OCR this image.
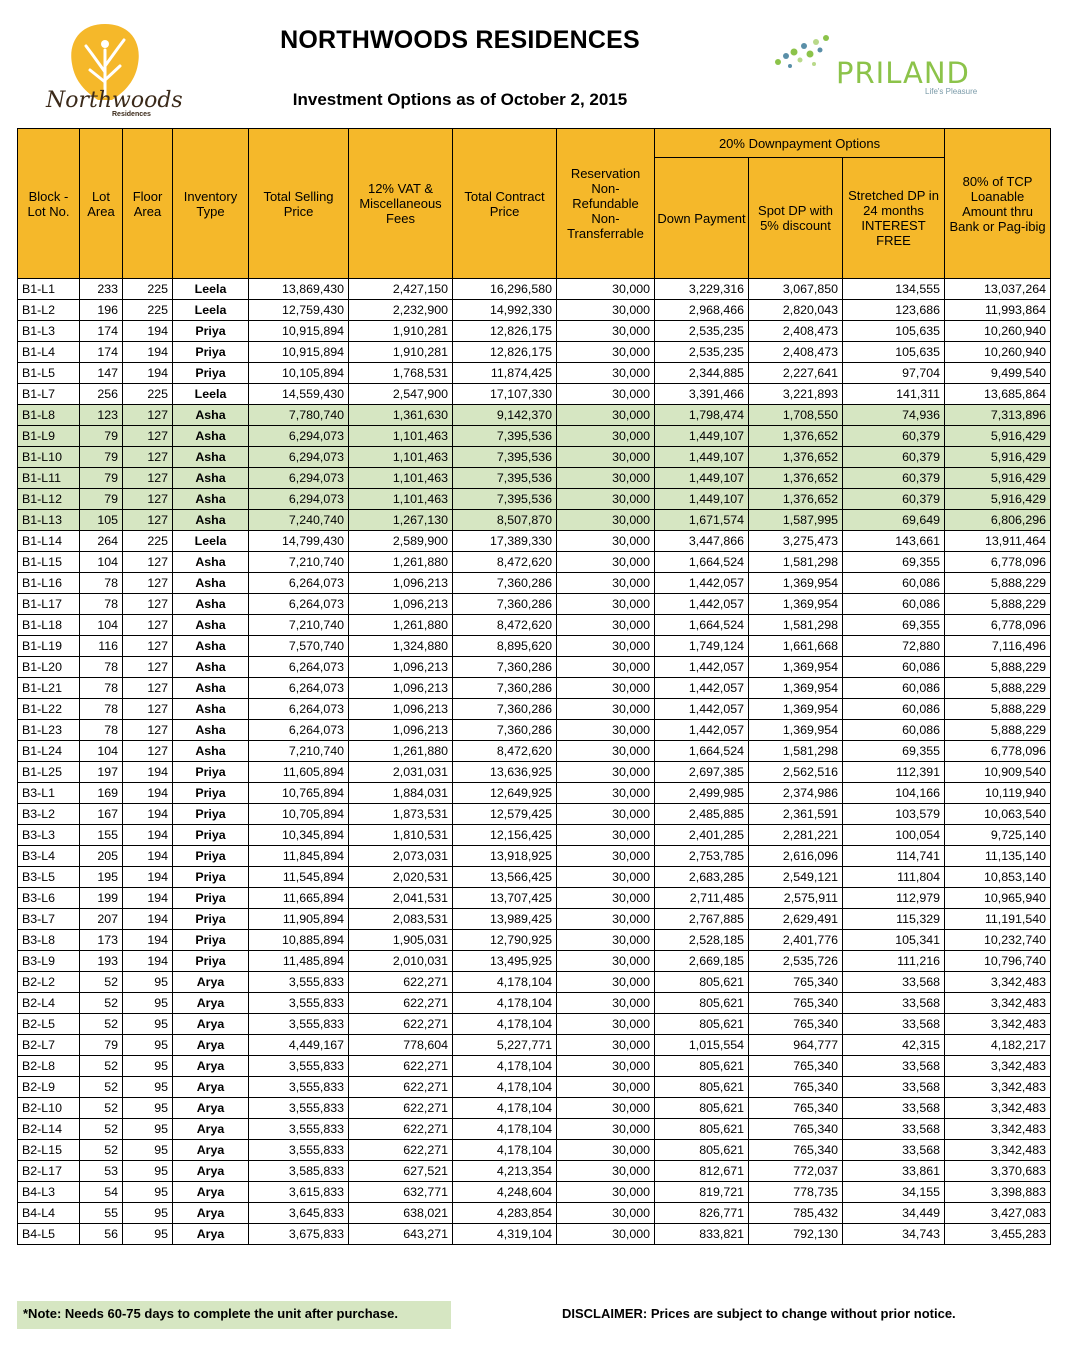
Northwoods
Residences
NORTHWOODS RESIDENCES
Investment Options as of October 2, 2015
PRILAND
Life's Pleasure
Block - Lot No.	Lot Area	Floor Area	Inventory Type	Total Selling Price	12% VAT & Miscellaneous Fees	Total Contract Price	Reservation Non-Refundable Non-Transferrable	20% Downpayment Options			80% of TCP Loanable Amount thru Bank or Pag-ibig
								Down Payment	Spot DP with 5% discount	Stretched DP in 24 months INTEREST FREE	
B1-L1	233	225	Leela	13,869,430	2,427,150	16,296,580	30,000	3,229,316	3,067,850	134,555	13,037,264
B1-L2	196	225	Leela	12,759,430	2,232,900	14,992,330	30,000	2,968,466	2,820,043	123,686	11,993,864
B1-L3	174	194	Priya	10,915,894	1,910,281	12,826,175	30,000	2,535,235	2,408,473	105,635	10,260,940
B1-L4	174	194	Priya	10,915,894	1,910,281	12,826,175	30,000	2,535,235	2,408,473	105,635	10,260,940
B1-L5	147	194	Priya	10,105,894	1,768,531	11,874,425	30,000	2,344,885	2,227,641	97,704	9,499,540
B1-L7	256	225	Leela	14,559,430	2,547,900	17,107,330	30,000	3,391,466	3,221,893	141,311	13,685,864
B1-L8	123	127	Asha	7,780,740	1,361,630	9,142,370	30,000	1,798,474	1,708,550	74,936	7,313,896
B1-L9	79	127	Asha	6,294,073	1,101,463	7,395,536	30,000	1,449,107	1,376,652	60,379	5,916,429
B1-L10	79	127	Asha	6,294,073	1,101,463	7,395,536	30,000	1,449,107	1,376,652	60,379	5,916,429
B1-L11	79	127	Asha	6,294,073	1,101,463	7,395,536	30,000	1,449,107	1,376,652	60,379	5,916,429
B1-L12	79	127	Asha	6,294,073	1,101,463	7,395,536	30,000	1,449,107	1,376,652	60,379	5,916,429
B1-L13	105	127	Asha	7,240,740	1,267,130	8,507,870	30,000	1,671,574	1,587,995	69,649	6,806,296
B1-L14	264	225	Leela	14,799,430	2,589,900	17,389,330	30,000	3,447,866	3,275,473	143,661	13,911,464
B1-L15	104	127	Asha	7,210,740	1,261,880	8,472,620	30,000	1,664,524	1,581,298	69,355	6,778,096
B1-L16	78	127	Asha	6,264,073	1,096,213	7,360,286	30,000	1,442,057	1,369,954	60,086	5,888,229
B1-L17	78	127	Asha	6,264,073	1,096,213	7,360,286	30,000	1,442,057	1,369,954	60,086	5,888,229
B1-L18	104	127	Asha	7,210,740	1,261,880	8,472,620	30,000	1,664,524	1,581,298	69,355	6,778,096
B1-L19	116	127	Asha	7,570,740	1,324,880	8,895,620	30,000	1,749,124	1,661,668	72,880	7,116,496
B1-L20	78	127	Asha	6,264,073	1,096,213	7,360,286	30,000	1,442,057	1,369,954	60,086	5,888,229
B1-L21	78	127	Asha	6,264,073	1,096,213	7,360,286	30,000	1,442,057	1,369,954	60,086	5,888,229
B1-L22	78	127	Asha	6,264,073	1,096,213	7,360,286	30,000	1,442,057	1,369,954	60,086	5,888,229
B1-L23	78	127	Asha	6,264,073	1,096,213	7,360,286	30,000	1,442,057	1,369,954	60,086	5,888,229
B1-L24	104	127	Asha	7,210,740	1,261,880	8,472,620	30,000	1,664,524	1,581,298	69,355	6,778,096
B1-L25	197	194	Priya	11,605,894	2,031,031	13,636,925	30,000	2,697,385	2,562,516	112,391	10,909,540
B3-L1	169	194	Priya	10,765,894	1,884,031	12,649,925	30,000	2,499,985	2,374,986	104,166	10,119,940
B3-L2	167	194	Priya	10,705,894	1,873,531	12,579,425	30,000	2,485,885	2,361,591	103,579	10,063,540
B3-L3	155	194	Priya	10,345,894	1,810,531	12,156,425	30,000	2,401,285	2,281,221	100,054	9,725,140
B3-L4	205	194	Priya	11,845,894	2,073,031	13,918,925	30,000	2,753,785	2,616,096	114,741	11,135,140
B3-L5	195	194	Priya	11,545,894	2,020,531	13,566,425	30,000	2,683,285	2,549,121	111,804	10,853,140
B3-L6	199	194	Priya	11,665,894	2,041,531	13,707,425	30,000	2,711,485	2,575,911	112,979	10,965,940
B3-L7	207	194	Priya	11,905,894	2,083,531	13,989,425	30,000	2,767,885	2,629,491	115,329	11,191,540
B3-L8	173	194	Priya	10,885,894	1,905,031	12,790,925	30,000	2,528,185	2,401,776	105,341	10,232,740
B3-L9	193	194	Priya	11,485,894	2,010,031	13,495,925	30,000	2,669,185	2,535,726	111,216	10,796,740
B2-L2	52	95	Arya	3,555,833	622,271	4,178,104	30,000	805,621	765,340	33,568	3,342,483
B2-L4	52	95	Arya	3,555,833	622,271	4,178,104	30,000	805,621	765,340	33,568	3,342,483
B2-L5	52	95	Arya	3,555,833	622,271	4,178,104	30,000	805,621	765,340	33,568	3,342,483
B2-L7	79	95	Arya	4,449,167	778,604	5,227,771	30,000	1,015,554	964,777	42,315	4,182,217
B2-L8	52	95	Arya	3,555,833	622,271	4,178,104	30,000	805,621	765,340	33,568	3,342,483
B2-L9	52	95	Arya	3,555,833	622,271	4,178,104	30,000	805,621	765,340	33,568	3,342,483
B2-L10	52	95	Arya	3,555,833	622,271	4,178,104	30,000	805,621	765,340	33,568	3,342,483
B2-L14	52	95	Arya	3,555,833	622,271	4,178,104	30,000	805,621	765,340	33,568	3,342,483
B2-L15	52	95	Arya	3,555,833	622,271	4,178,104	30,000	805,621	765,340	33,568	3,342,483
B2-L17	53	95	Arya	3,585,833	627,521	4,213,354	30,000	812,671	772,037	33,861	3,370,683
B4-L3	54	95	Arya	3,615,833	632,771	4,248,604	30,000	819,721	778,735	34,155	3,398,883
B4-L4	55	95	Arya	3,645,833	638,021	4,283,854	30,000	826,771	785,432	34,449	3,427,083
B4-L5	56	95	Arya	3,675,833	643,271	4,319,104	30,000	833,821	792,130	34,743	3,455,283
*Note: Needs 60-75 days to complete the unit after purchase.	DISCLAIMER: Prices are subject to change without prior notice.
